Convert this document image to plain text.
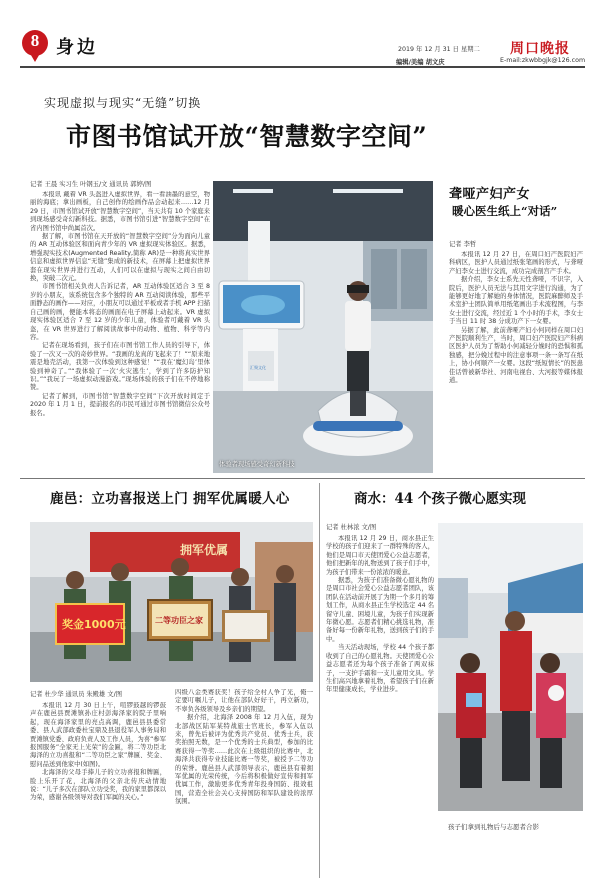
8 身边	2019 年 12 月 31 日 星期二 周口晚报
编辑/美编 胡文庆	E-mail:zkwbbgjk@126.com
实现虚拟与现实“无缝”切换
市图书馆试开放“智慧数字空间”
记者 王晨 实习生 叶钢玉/文 通讯员 郭婷/图

本报讯 戴着 VR 头盔进入虚拟世界，看一看油墨的意空，物丽的海底；拿出画板，自己创作的绘画作品会动起来……12 月 29 日，市图书馆试开放“智慧数字空间”，当天共有 10 个家庭来到现场感受奇幻新科技。据悉，市图书馆引进“智慧数字空间”在省内图书馆中尚属首次。

据了解，市图书馆在天开放的“智慧数字空间”分为面向儿童的 AR 互动体验区和面向青少年的 VR 虚拟现实体验区。据悉，增强现实技术(Augmented Reality,简称 AR)是一种将真实世界信息和虚拟世界信息“无缝”集成的新技术，在屏幕上把虚拟世界套在现实世界并进行互动，人们可以在虚拟与现实之间自由切换，突破二次元。

市图书馆相关负责人告诉记者，AR 互动体验区适合 3 至 8 岁的小朋友，该系统包含多个独特的 AR 互动阅读体验，那些平面静态的画作——对应，小朋友可以通过平板或者手机 APP 扫描自己画的画，便能本将态的画面在电子屏幕上动起来。VR 虚拟现实体验区适合 7 至 12 岁的少年儿童，体验者可戴着 VR 头盔，在 VR 世界进行了解阅读故事中的动物、植物、科学等内容。

记者在现场看到，孩子们在市图书馆工作人员的引导下，体验了一次又一次的奇妙世界。“我画的龙真的飞起来了！”“原来地震是地壳活动，我第一次体验到这种感觉！”“我在‘魔幻岛’里体验到神奇了。”“我体验了一次‘火灾逃生’，学到了许多防护知识。”“我玩了一场虚拟动漫游戏。”现场体验的孩子们在不停地称赞。

记者了解到，市图书馆“智慧数字空间”下次开放时间定于 2020 年 1 月 1 日，提前报名的市民可通过市图书馆微信公众号报名。

汇聚文化
体验者现场感受奇幻新科技
聋哑产妇产女
暖心医生纸上“对话”
记者 李哲

本报讯 12 月 27 日，在周口妇产医院妇产科病区，医护人员通过纸张笔画的形式，与聋哑产妇李女士进行交流，成功完成剖宫产手术。

据介绍，李女士系先天性聋哑，不识字，入院后，医护人员无法与其用文字进行沟通，为了能够更好地了解她的身体情况，医院麻醉师及手术室护士团队简单用纸笔画出手术流程图，与李女士进行交流，经过近 1 个小时的手术，李女士于当日 11 时 38 分成功产下一女婴。

另据了解，此前聋哑产妇小何同样在周口妇产医院顺利生产，当时，周口妇产医院妇产科病区医护人员为了帮助小何减轻分娩时的恐惧和孤独感，把分娩过程中的注意事项一条一条写在纸上，协小何顺产一女婴。这段“纸短情长”的医患佳话曾被新华社、河南电视台、大河报等媒体报道。

鹿邑：立功喜报送上门 拥军优属暖人心
奖金1000元	二等功臣之家
拥军优属
记者 杜少华 通讯员 朱殿雄 文/图

本报讯 12 月 30 日上午，喧锣鼓越的锣鼓声在鹿邑县贾滩镇孙庄村彭海泽家的院子里响起，现在海泽家里的亮点高调，鹿邑县县委常委、县人武部政委杜宝鼎及县退役军人事务局和贾滩镇党委、政府负责人及工作人员，为喜“参军报国服务”全家无上光荣”的金匾，将二等功臣北海泽的立功喜报和“二等功臣之家”牌匾、奖金、慰问品送到他家中(如图)。

北海泽的父母手捧儿子的立功喜报和牌匾，脸上乐开了花，北海泽的父亲北传庆动情地说：“儿子多次在部队立功受奖，我的家里都深以为荣，感谢各级领导对我们军属的关心。”

四级八金类赛获奖！孩子给全村人争了光，俺一定要叮嘱儿子，让他在部队好好干，再立新功，不辜负各级领导及乡亲们的期望。

据介绍，北海泽 2008 年 12 月入伍，现为北部战区陆军某特战旅士官班长，参军入伍以来，曾先后被评为优秀共产党员、优秀士兵，获奖拍照无数，是一个优秀的士兵典型，参加的比赛获得一等奖……此次在上级组织的比赛中，北海泽共获得专业技能比赛一等奖，被授予二等功的荣誉。鹿邑县人武部领导表示，鹿邑县有着拥军优属的光荣传统，今后将积极做好宣传和拥军优属工作，激励更多优秀青年投身国防、报效祖国，营造全社会关心支持国防和军队建设的浓厚氛围。

商水：44 个孩子微心愿实现
记者 杜林浓 文/图

本报讯 12 月 29 日，商水县正生学校的孩子们迎来了一群特殊的客人，他们是周口市天使团爱心公益志愿者，他们把新年的礼物送到了孩子们手中，为孩子们带来一份浓浓的暖意。

据悉，为孩子们准备微心愿礼物的是周口市社会爱心公益志愿者团队，该团队在活动前开展了为期一个多月的筹划工作，从商水县正生学校选定 44 名留守儿童、困境儿童，为孩子们实现新年微心愿。志愿者们精心挑选礼物，准备好每一份新年礼物，送到孩子们的手中。

当天活动现场，学校 44 个孩子都收到了自己的心愿礼物。天使团爱心公益志愿者还为每个孩子准备了两双袜子，一支护手霜和一支儿童用文具。学生们高兴地拿着礼物，希望孩子们在新年里健康成长，学业进步。

孩子们拿到礼物后与志愿者合影
